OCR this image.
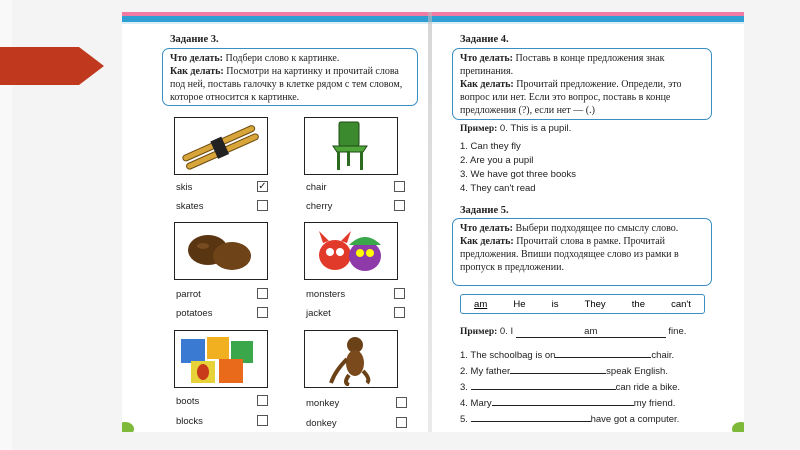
Задание 3.
Что делать: Подбери слово к картинке.
Как делать: Посмотри на картинку и прочитай слова под ней, поставь галочку в клетке рядом с тем словом, которое относится к картинке.
skis	✓
skates
chair
cherry
parrot
potatoes
monsters
jacket
boots
blocks
monkey
donkey
Задание 4.
Что делать: Поставь в конце предложения знак препинания.
Как делать: Прочитай предложение. Определи, это вопрос или нет. Если это вопрос, поставь в конце предложения (?), если нет — (.)
Пример: 0. This is a pupil.
1. Can they fly
2. Are you a pupil
3. We have got three books
4. They can't read
Задание 5.
Что делать: Выбери подходящее по смыслу слово.
Как делать: Прочитай слова в рамке. Прочитай предложения. Впиши подходящее слово из рамки в пропуск в предложении.
am	He	is	They	the	can't
Пример: 0. I	am	fine.
1. The schoolbag is on	chair.
2. My father	speak English.
3.	can ride a bike.
4. Mary	my friend.
5.	have got a computer.
